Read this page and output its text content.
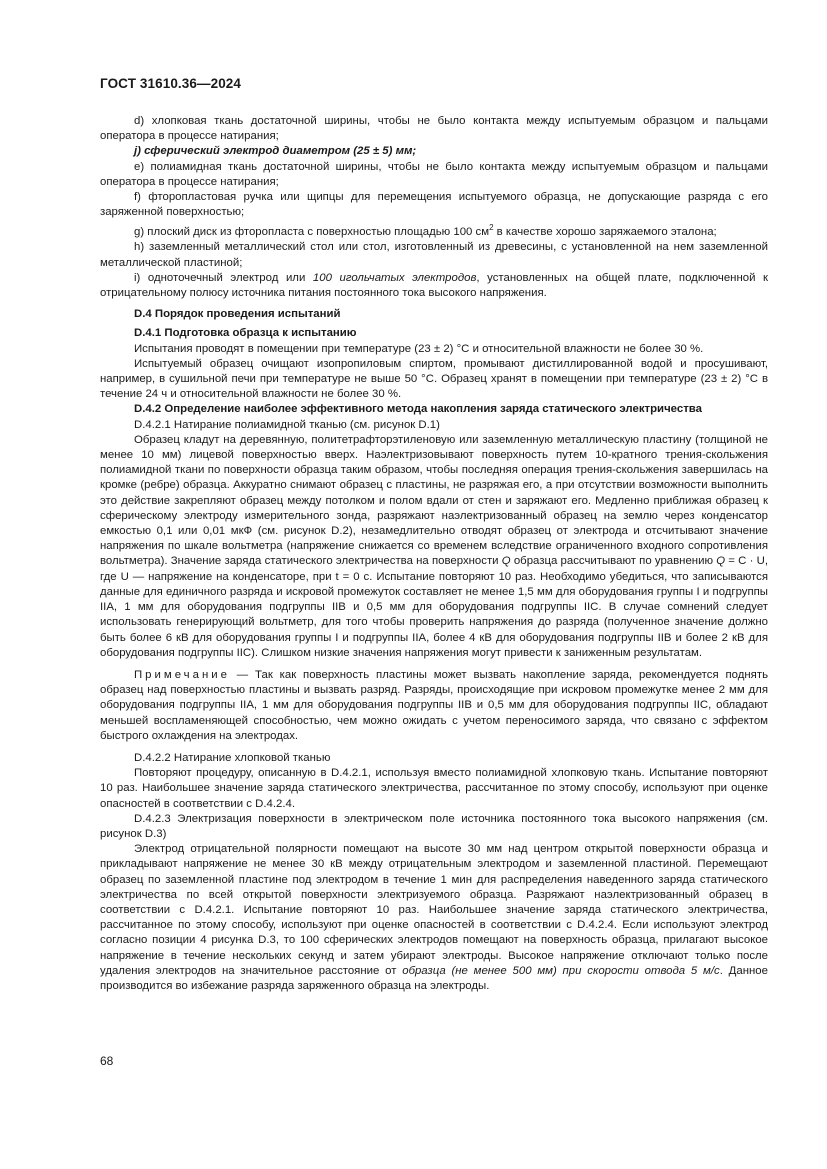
ГОСТ 31610.36—2024

d) хлопковая ткань достаточной ширины, чтобы не было контакта между испытуемым образцом и пальцами оператора в процессе натирания;

j) сферический электрод диаметром (25 ± 5) мм;

e) полиамидная ткань достаточной ширины, чтобы не было контакта между испытуемым образцом и пальцами оператора в процессе натирания;

f) фторопластовая ручка или щипцы для перемещения испытуемого образца, не допускающие разряда с его заряженной поверхностью;

g) плоский диск из фторопласта с поверхностью площадью 100 $см^2$ в качестве хорошо заряжаемого эталона;

h) заземленный металлический стол или стол, изготовленный из древесины, с установленной на нем заземленной металлической пластиной;

i) одноточечный электрод или 100 игольчатых электродов, установленных на общей плате, подключенной к отрицательному полюсу источника питания постоянного тока высокого напряжения.

D.4 Порядок проведения испытаний

D.4.1 Подготовка образца к испытанию

Испытания проводят в помещении при температуре (23 ± 2) °С и относительной влажности не более 30 %.

Испытуемый образец очищают изопропиловым спиртом, промывают дистиллированной водой и просушивают, например, в сушильной печи при температуре не выше 50 °С. Образец хранят в помещении при температуре (23 ± 2) °С в течение 24 ч и относительной влажности не более 30 %.

D.4.2 Определение наиболее эффективного метода накопления заряда статического электричества

D.4.2.1 Натирание полиамидной тканью (см. рисунок D.1)

Образец кладут на деревянную, политетрафторэтиленовую или заземленную металлическую пластину (толщиной не менее 10 мм) лицевой поверхностью вверх. Наэлектризовывают поверхность путем 10-кратного трения-скольжения полиамидной ткани по поверхности образца таким образом, чтобы последняя операция трения-скольжения завершилась на кромке (ребре) образца. Аккуратно снимают образец с пластины, не разряжая его, а при отсутствии возможности выполнить это действие закрепляют образец между потолком и полом вдали от стен и заряжают его. Медленно приближая образец к сферическому электроду измерительного зонда, разряжают наэлектризованный образец на землю через конденсатор емкостью 0,1 или 0,01 мкФ (см. рисунок D.2), незамедлительно отводят образец от электрода и отсчитывают значение напряжения по шкале вольтметра (напряжение снижается со временем вследствие ограниченного входного сопротивления вольтметра). Значение заряда статического электричества на поверхности Q образца рассчитывают по уравнению Q = C · U, где U — напряжение на конденсаторе, при t = 0 с. Испытание повторяют 10 раз. Необходимо убедиться, что записываются данные для единичного разряда и искровой промежуток составляет не менее 1,5 мм для оборудования группы I и подгруппы IIA, 1 мм для оборудования подгруппы IIB и 0,5 мм для оборудования подгруппы IIC. В случае сомнений следует использовать генерирующий вольтметр, для того чтобы проверить напряжения до разряда (полученное значение должно быть более 6 кВ для оборудования группы I и подгруппы IIA, более 4 кВ для оборудования подгруппы IIB и более 2 кВ для оборудования подгруппы IIC). Слишком низкие значения напряжения могут привести к заниженным результатам.

Примечание — Так как поверхность пластины может вызвать накопление заряда, рекомендуется поднять образец над поверхностью пластины и вызвать разряд. Разряды, происходящие при искровом промежутке менее 2 мм для оборудования подгруппы IIA, 1 мм для оборудования подгруппы IIB и 0,5 мм для оборудования подгруппы IIC, обладают меньшей воспламеняющей способностью, чем можно ожидать с учетом переносимого заряда, что связано с эффектом быстрого охлаждения на электродах.

D.4.2.2 Натирание хлопковой тканью

Повторяют процедуру, описанную в D.4.2.1, используя вместо полиамидной хлопковую ткань. Испытание повторяют 10 раз. Наибольшее значение заряда статического электричества, рассчитанное по этому способу, используют при оценке опасностей в соответствии с D.4.2.4.

D.4.2.3 Электризация поверхности в электрическом поле источника постоянного тока высокого напряжения (см. рисунок D.3)

Электрод отрицательной полярности помещают на высоте 30 мм над центром открытой поверхности образца и прикладывают напряжение не менее 30 кВ между отрицательным электродом и заземленной пластиной. Перемещают образец по заземленной пластине под электродом в течение 1 мин для распределения наведенного заряда статического электричества по всей открытой поверхности электризуемого образца. Разряжают наэлектризованный образец в соответствии с D.4.2.1. Испытание повторяют 10 раз. Наибольшее значение заряда статического электричества, рассчитанное по этому способу, используют при оценке опасностей в соответствии с D.4.2.4. Если используют электрод согласно позиции 4 рисунка D.3, то 100 сферических электродов помещают на поверхность образца, прилагают высокое напряжение в течение нескольких секунд и затем убирают электроды. Высокое напряжение отключают только после удаления электродов на значительное расстояние от образца (не менее 500 мм) при скорости отвода 5 м/с. Данное производится во избежание разряда заряженного образца на электроды.

68
